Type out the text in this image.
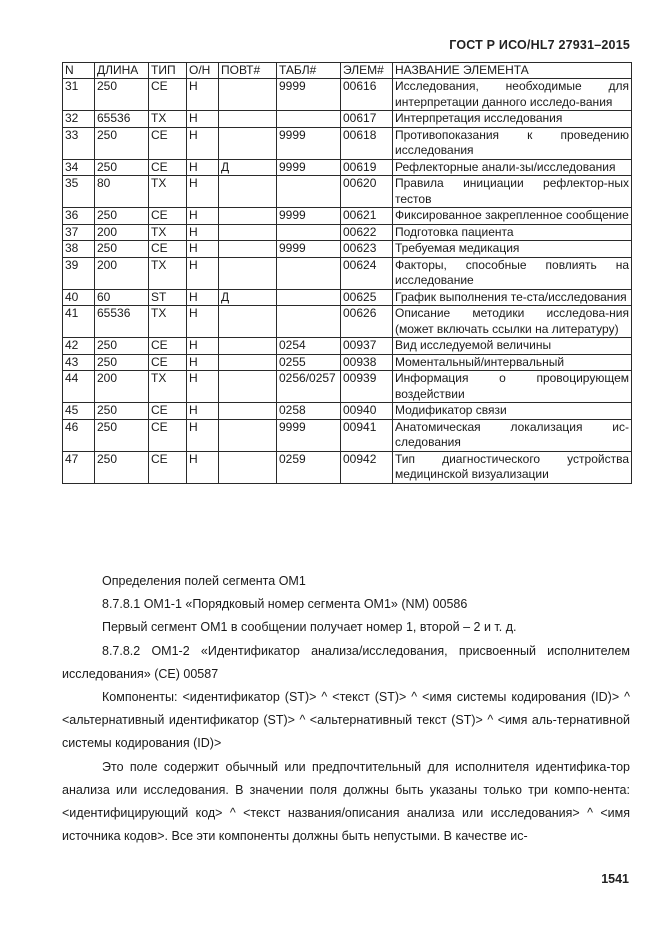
ГОСТ Р ИСО/HL7 27931–2015
N	ДЛИНА	ТИП	О/Н	ПОВТ#	ТАБЛ#	ЭЛЕМ#	НАЗВАНИЕ ЭЛЕМЕНТА
31	250	CE	Н		9999	00616	Исследования, необходимые для интерпретации данного исследо-вания
32	65536	TX	Н			00617	Интерпретация исследования
33	250	CE	Н		9999	00618	Противопоказания к проведению исследования
34	250	CE	Н	Д	9999	00619	Рефлекторные анали-зы/исследования
35	80	TX	Н			00620	Правила инициации рефлектор-ных тестов
36	250	CE	Н		9999	00621	Фиксированное закрепленное сообщение
37	200	TX	Н			00622	Подготовка пациента
38	250	CE	Н		9999	00623	Требуемая медикация
39	200	TX	Н			00624	Факторы, способные повлиять на исследование
40	60	ST	Н	Д		00625	График выполнения те-ста/исследования
41	65536	TX	Н			00626	Описание методики исследова-ния (может включать ссылки на литературу)
42	250	CE	Н		0254	00937	Вид исследуемой величины
43	250	CE	Н		0255	00938	Моментальный/интервальный
44	200	TX	Н		0256/0257	00939	Информация о провоцирующем воздействии
45	250	CE	Н		0258	00940	Модификатор связи
46	250	CE	Н		9999	00941	Анатомическая локализация ис-следования
47	250	CE	Н		0259	00942	Тип диагностического устройства медицинской визуализации

Определения полей сегмента OM1

8.7.8.1 OM1-1 «Порядковый номер сегмента OM1» (NM) 00586

Первый сегмент OM1 в сообщении получает номер 1, второй – 2 и т. д.

8.7.8.2 OM1-2 «Идентификатор анализа/исследования, присвоенный исполнителем исследования» (CE) 00587

Компоненты: <идентификатор (ST)> ^ <текст (ST)> ^ <имя системы кодирования (ID)> ^ <альтернативный идентификатор (ST)> ^ <альтернативный текст (ST)> ^ <имя аль-тернативной системы кодирования (ID)>

Это поле содержит обычный или предпочтительный для исполнителя идентифика-тор анализа или исследования. В значении поля должны быть указаны только три компо-нента: <идентифицирующий код> ^ <текст названия/описания анализа или исследования> ^ <имя источника кодов>. Все эти компоненты должны быть непустыми. В качестве ис-

1541
